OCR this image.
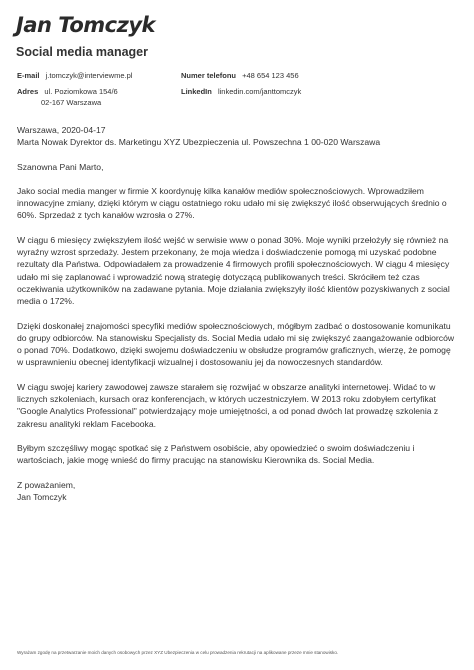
Jan Tomczyk
Social media manager
E-mail j.tomczyk@interviewme.pl	Numer telefonu +48 654 123 456
Adres ul. Poziomkowa 154/6
02-167 Warszawa
LinkedIn linkedin.com/janttomczyk

Warszawa, 2020-04-17

Marta Nowak Dyrektor ds. Marketingu XYZ Ubezpieczenia ul. Powszechna 1 00-020 Warszawa

Szanowna Pani Marto,

Jako social media manger w firmie X koordynuję kilka kanałów mediów społecznościowych. Wprowadziłem innowacyjne zmiany, dzięki którym w ciągu ostatniego roku udało mi się zwiększyć ilość obserwujących średnio o 60%. Sprzedaż z tych kanałów wzrosła o 27%.

W ciągu 6 miesięcy zwiększyłem ilość wejść w serwisie www o ponad 30%. Moje wyniki przełożyły się również na wyraźny wzrost sprzedaży. Jestem przekonany, że moja wiedza i doświadczenie pomogą mi uzyskać podobne rezultaty dla Państwa. Odpowiadałem za prowadzenie 4 firmowych profili społecznościowych. W ciągu 4 miesięcy udało mi się zaplanować i wprowadzić nową strategię dotyczącą publikowanych treści. Skróciłem też czas oczekiwania użytkowników na zadawane pytania. Moje działania zwiększyły ilość klientów pozyskiwanych z social media o 172%.

Dzięki doskonałej znajomości specyfiki mediów społecznościowych, mógłbym zadbać o dostosowanie komunikatu do grupy odbiorców. Na stanowisku Specjalisty ds. Social Media udało mi się zwiększyć zaangażowanie odbiorców o ponad 70%. Dodatkowo, dzięki swojemu doświadczeniu w obsłudze programów graficznych, wierzę, że pomogę w usprawnieniu obecnej identyfikacji wizualnej i dostosowaniu jej da nowoczesnych standardów.

W ciągu swojej kariery zawodowej zawsze starałem się rozwijać w obszarze analityki internetowej. Widać to w licznych szkoleniach, kursach oraz konferencjach, w których uczestniczyłem. W 2013 roku zdobyłem certyfikat "Google Analytics Professional" potwierdzający moje umiejętności, a od ponad dwóch lat prowadzę szkolenia z zakresu analityki reklam Facebooka.

Byłbym szczęśliwy mogąc spotkać się z Państwem osobiście, aby opowiedzieć o swoim doświadczeniu i wartościach, jakie mogę wnieść do firmy pracując na stanowisku Kierownika ds. Social Media.

Z poważaniem,

Jan Tomczyk

Wyrażam zgodę na przetwarzanie moich danych osobowych przez XYZ Ubezpieczenia w celu prowadzenia rekrutacji na aplikowane przeze mnie stanowisko.
